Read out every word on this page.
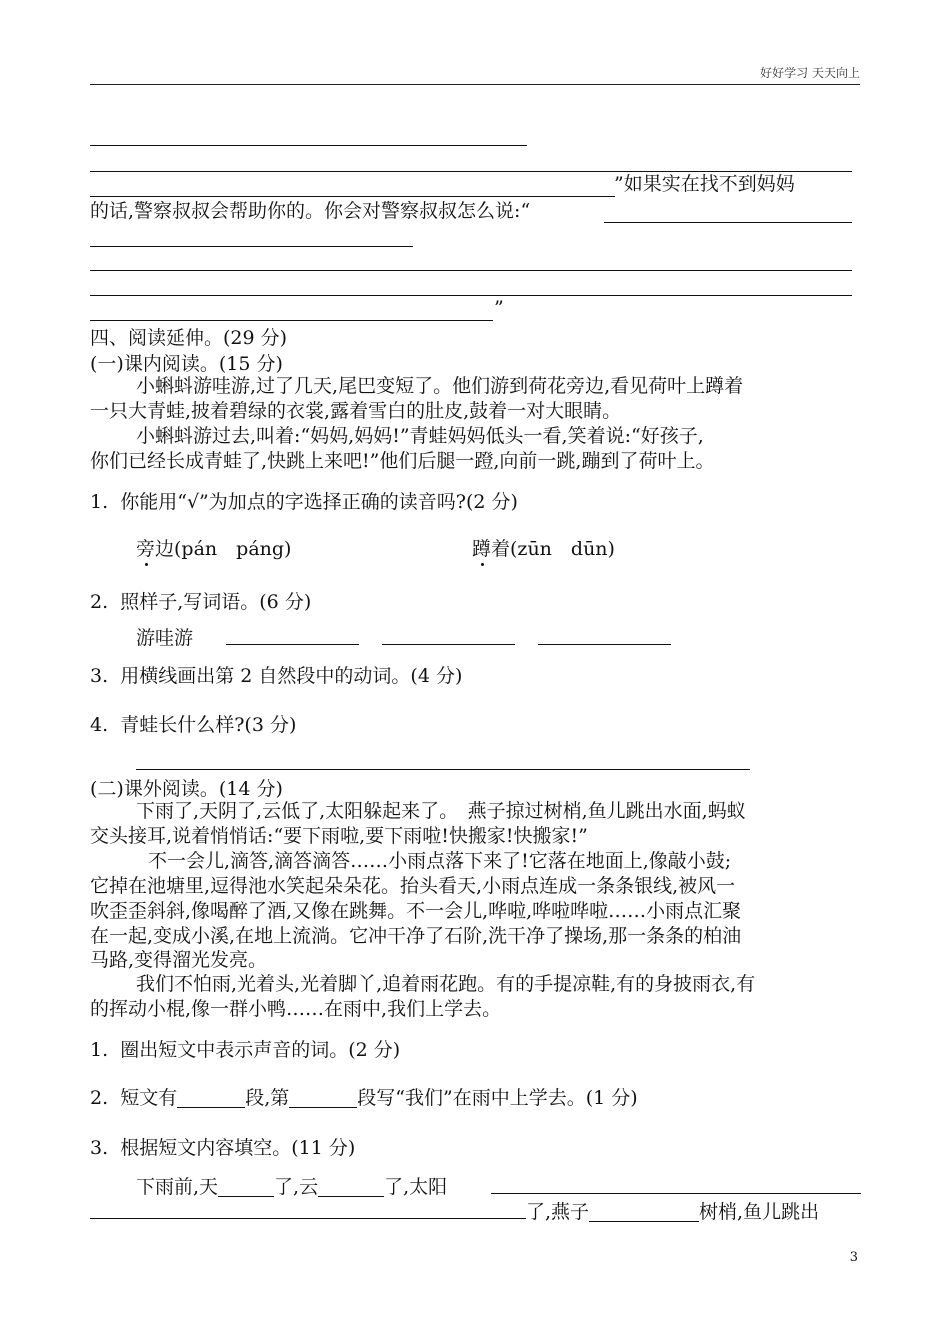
好好学习 天天向上
”如果实在找不到妈妈
的话,警察叔叔会帮助你的。你会对警察叔叔怎么说:“
”
四、阅读延伸。(29 分)
(一)课内阅读。(15 分)
小蝌蚪游哇游,过了几天,尾巴变短了。他们游到荷花旁边,看见荷叶上蹲着
一只大青蛙,披着碧绿的衣裳,露着雪白的肚皮,鼓着一对大眼睛。
小蝌蚪游过去,叫着:“妈妈,妈妈!”青蛙妈妈低头一看,笑着说:“好孩子,
你们已经长成青蛙了,快跳上来吧!”他们后腿一蹬,向前一跳,蹦到了荷叶上。
1. 你能用“√”为加点的字选择正确的读音吗?(2 分)
旁边(pán　páng)	蹲着(zūn　dūn)
2. 照样子,写词语。(6 分)
游哇游
3. 用横线画出第 2 自然段中的动词。(4 分)
4. 青蛙长什么样?(3 分)
(二)课外阅读。(14 分)
下雨了,天阴了,云低了,太阳躲起来了。　燕子掠过树梢,鱼儿跳出水面,蚂蚁
交头接耳,说着悄悄话:“要下雨啦,要下雨啦!快搬家!快搬家!”
不一会儿,滴答,滴答滴答……小雨点落下来了!它落在地面上,像敲小鼓;
它掉在池塘里,逗得池水笑起朵朵花。抬头看天,小雨点连成一条条银线,被风一
吹歪歪斜斜,像喝醉了酒,又像在跳舞。不一会儿,哗啦,哗啦哗啦……小雨点汇聚
在一起,变成小溪,在地上流淌。它冲干净了石阶,洗干净了操场,那一条条的柏油
马路,变得溜光发亮。
我们不怕雨,光着头,光着脚丫,追着雨花跑。有的手提凉鞋,有的身披雨衣,有
的挥动小棍,像一群小鸭……在雨中,我们上学去。
1. 圈出短文中表示声音的词。(2 分)
2. 短文有	段,第	段写“我们”在雨中上学去。(1 分)
3. 根据短文内容填空。(11 分)
下雨前,天	了,云	了,太阳
了,燕子	树梢,鱼儿跳出
3
